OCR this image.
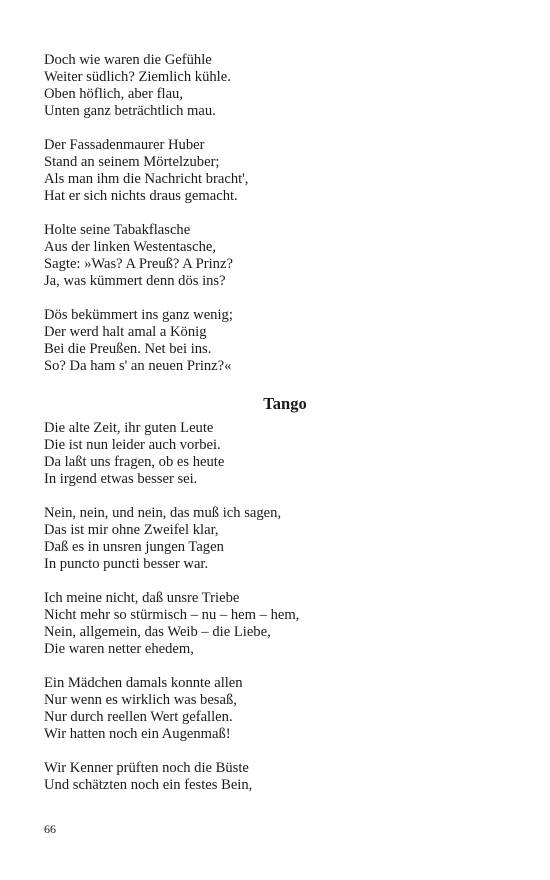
Doch wie waren die Gefühle
Weiter südlich? Ziemlich kühle.
Oben höflich, aber flau,
Unten ganz beträchtlich mau.
Der Fassadenmaurer Huber
Stand an seinem Mörtelzuber;
Als man ihm die Nachricht bracht',
Hat er sich nichts draus gemacht.
Holte seine Tabakflasche
Aus der linken Westentasche,
Sagte: »Was? A Preuß? A Prinz?
Ja, was kümmert denn dös ins?
Dös bekümmert ins ganz wenig;
Der werd halt amal a König
Bei die Preußen. Net bei ins.
So? Da ham s' an neuen Prinz?«
Tango
Die alte Zeit, ihr guten Leute
Die ist nun leider auch vorbei.
Da laßt uns fragen, ob es heute
In irgend etwas besser sei.
Nein, nein, und nein, das muß ich sagen,
Das ist mir ohne Zweifel klar,
Daß es in unsren jungen Tagen
In puncto puncti besser war.
Ich meine nicht, daß unsre Triebe
Nicht mehr so stürmisch – nu – hem – hem,
Nein, allgemein, das Weib – die Liebe,
Die waren netter ehedem,
Ein Mädchen damals konnte allen
Nur wenn es wirklich was besaß,
Nur durch reellen Wert gefallen.
Wir hatten noch ein Augenmaß!
Wir Kenner prüften noch die Büste
Und schätzten noch ein festes Bein,
66
